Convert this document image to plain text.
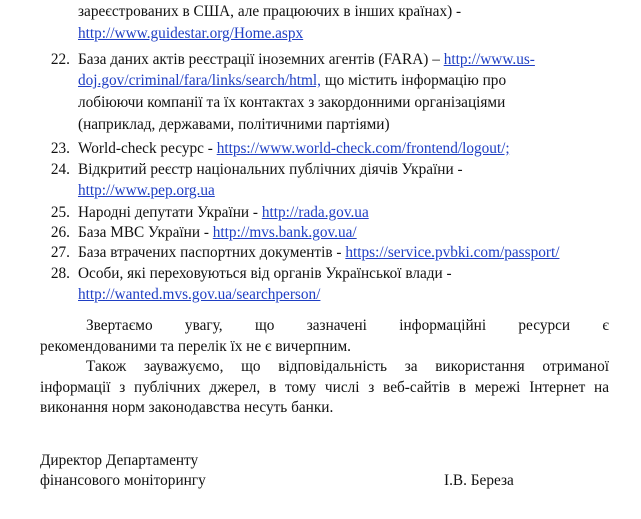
зареєстрованих в США, але працюючих в інших країнах) -
http://www.guidestar.org/Home.aspx
22. База даних актів реєстрації іноземних агентів (FARA) – http://www.us-
doj.gov/criminal/fara/links/search/html, що містить інформацію про
лобіюючи компанії та їх контактах з закордонними організаціями
(наприклад, державами, політичними партіями)
23. World-check ресурс - https://www.world-check.com/frontend/logout/;
24. Відкритий реєстр національних публічних діячів України -
http://www.pep.org.ua
25. Народні депутати України - http://rada.gov.ua
26. База МВС України - http://mvs.bank.gov.ua/
27. База втрачених паспортних документів - https://service.pvbki.com/passport/
28. Особи, які переховуються від органів Української влади -
http://wanted.mvs.gov.ua/searchperson/
Звертаємо увагу, що зазначені інформаційні ресурси є
рекомендованими та перелік їх не є вичерпним.
Також зауважуємо, що відповідальність за використання отриманої
інформації з публічних джерел, в тому числі з веб-сайтів в мережі Інтернет на
виконання норм законодавства несуть банки.
Директор Департаменту
фінансового моніторингу	І.В. Береза
